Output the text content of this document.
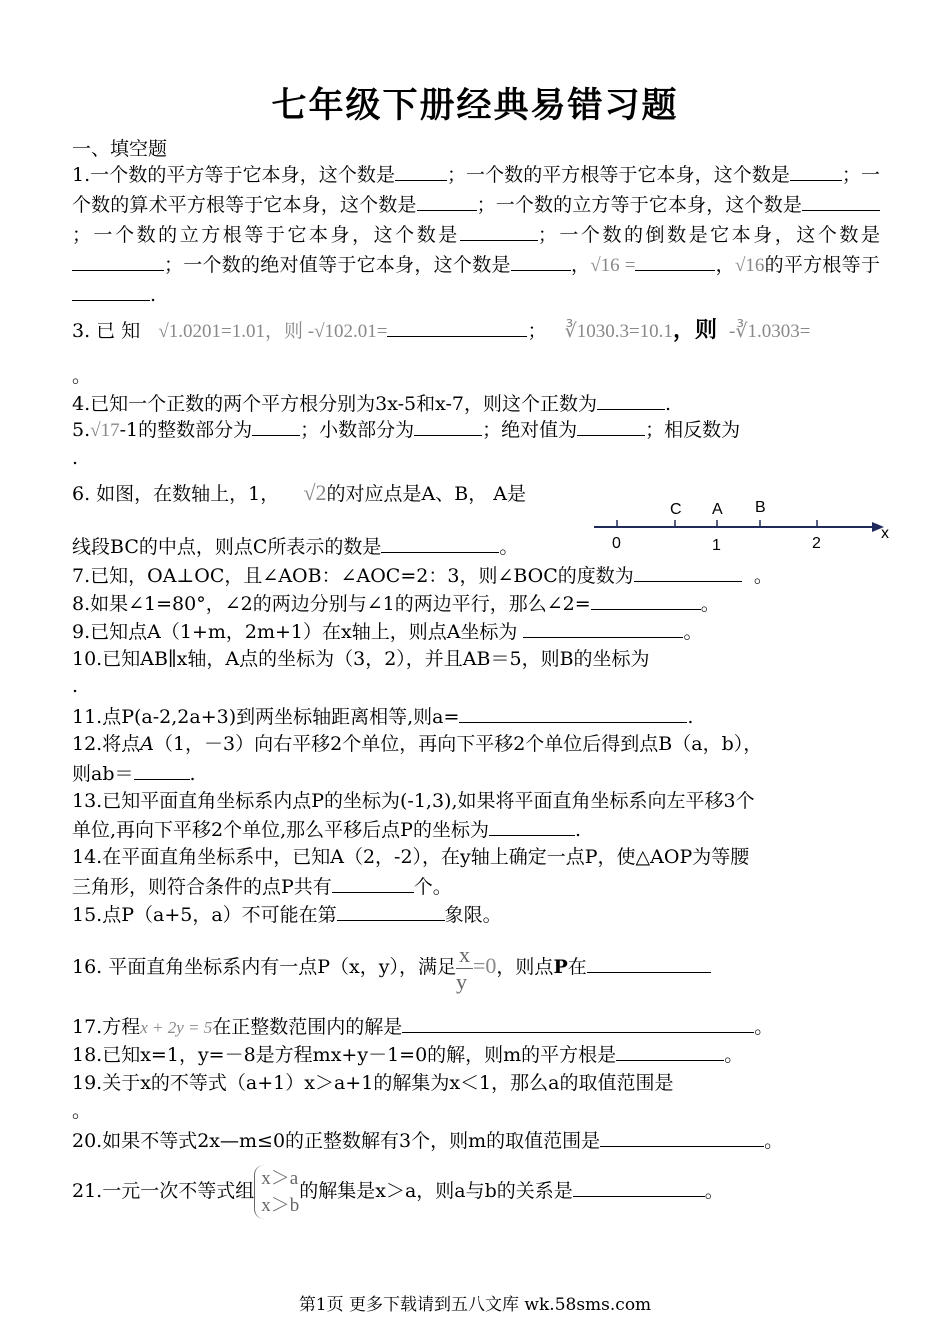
七年级下册经典易错习题
一、填空题
1.一个数的平方等于它本身，这个数是	；一个数的平方根等于它本身，这个数是	；一个数的算术平方根等于它本身，这个数是	；一个数的立方等于它本身，这个数是；一个数的立方根等于它本身，这个数是	；一个数的倒数是它本身，这个数是；一个数的绝对值等于它本身，这个数是	，√16 =	，√16的平方根等于.
3. 已 知 √1.0201=1.01，则 -√102.01=	； ∛1030.3=10.1，则 -∛1.0303=
。
4.已知一个正数的两个平方根分别为3x-5和x-7，则这个正数为	.
5.√17-1的整数部分为	；小数部分为	；绝对值为	；相反数为
.
6. 如图，在数轴上，1， √2的对应点是A、B， A是
线段BC的中点，则点C所表示的数是	。
C A B
0	1	2
x
7.已知，OA⊥OC，且∠AOB：∠AOC=2：3，则∠BOC的度数为	。
8.如果∠1=80°，∠2的两边分别与∠1的两边平行，那么∠2=	。
9.已知点A（1+m，2m+1）在x轴上，则点A坐标为	。
10.已知AB∥x轴，A点的坐标为（3，2），并且AB＝5，则B的坐标为
.
11.点P(a-2,2a+3)到两坐标轴距离相等,则a=	.
12.将点A（1，－3）向右平移2个单位，再向下平移2个单位后得到点B（a，b），
则ab＝	.
13.已知平面直角坐标系内点P的坐标为(-1,3),如果将平面直角坐标系向左平移3个
单位,再向下平移2个单位,那么平移后点P的坐标为	.
14.在平面直角坐标系中，已知A（2，-2），在y轴上确定一点P，使△AOP为等腰
三角形，则符合条件的点P共有	个。
15.点P（a+5，a）不可能在第	象限。
16. 平面直角坐标系内有一点P（x，y），满足 $\frac{x}{y} =0$，则点P在
17.方程x + 2y = 5在正整数范围内的解是	。
18.已知x=1，y=－8是方程mx+y－1=0的解，则m的平方根是	。
19.关于x的不等式（a+1）x＞a+1的解集为x＜1，那么a的取值范围是
。
20.如果不等式2x—m≤0的正整数解有3个，则m的取值范围是	。
21.一元一次不等式组
x＞a
x＞b
的解集是x＞a，则a与b的关系是	。
第1页 更多下载请到五八文库 wk.58sms.com
